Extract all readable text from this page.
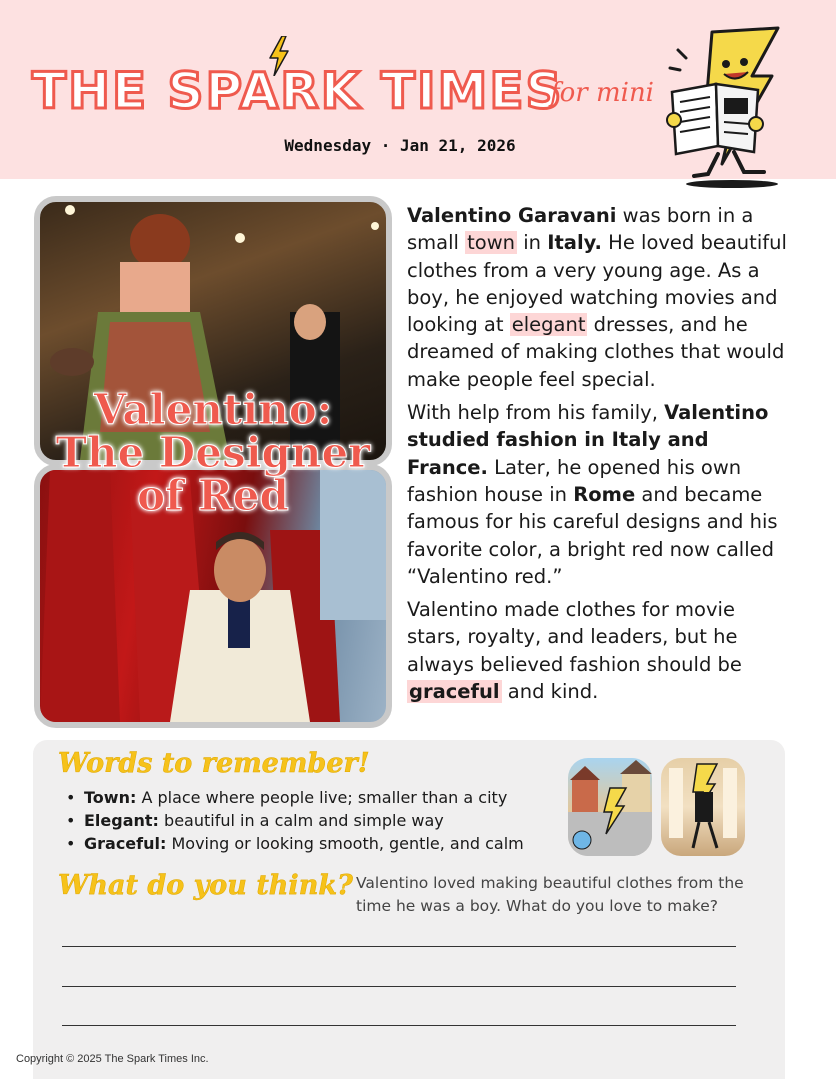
THE SPARK TIMES
for mini
Wednesday · Jan 21, 2026
Valentino:
The Designer
of Red

Valentino Garavani was born in a small town in Italy. He loved beautiful clothes from a very young age. As a boy, he enjoyed watching movies and looking at elegant dresses, and he dreamed of making clothes that would make people feel special.

With help from his family, Valentino studied fashion in Italy and France. Later, he opened his own fashion house in Rome and became famous for his careful designs and his favorite color, a bright red now called “Valentino red.”

Valentino made clothes for movie stars, royalty, and leaders, but he always believed fashion should be graceful and kind.

Words to remember!
• Town: A place where people live; smaller than a city
• Elegant: beautiful in a calm and simple way
• Graceful: Moving or looking smooth, gentle, and calm
What do you think? Valentino loved making beautiful clothes from the time he was a boy. What do you love to make?
Copyright © 2025 The Spark Times Inc.
